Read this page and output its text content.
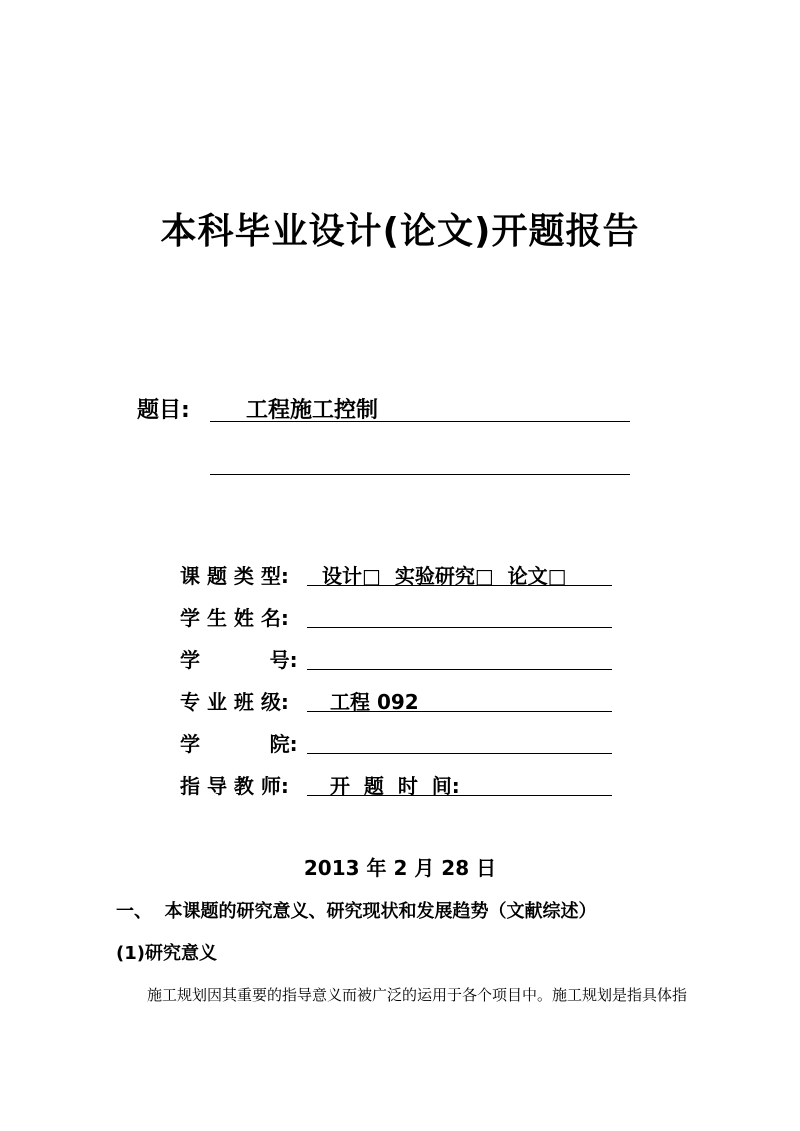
本科毕业设计(论文)开题报告
题目:	工程施工控制
课 题 类 型: 设计□  实验研究□  论文□
学 生 姓 名:
学          号:
专 业 班 级: 工程 092
学          院:
指 导 教 师: 开  题  时  间:
2013 年 2 月 28 日
一、  本课题的研究意义、研究现状和发展趋势（文献综述）
(1)研究意义
施工规划因其重要的指导意义而被广泛的运用于各个项目中。施工规划是指具体指
